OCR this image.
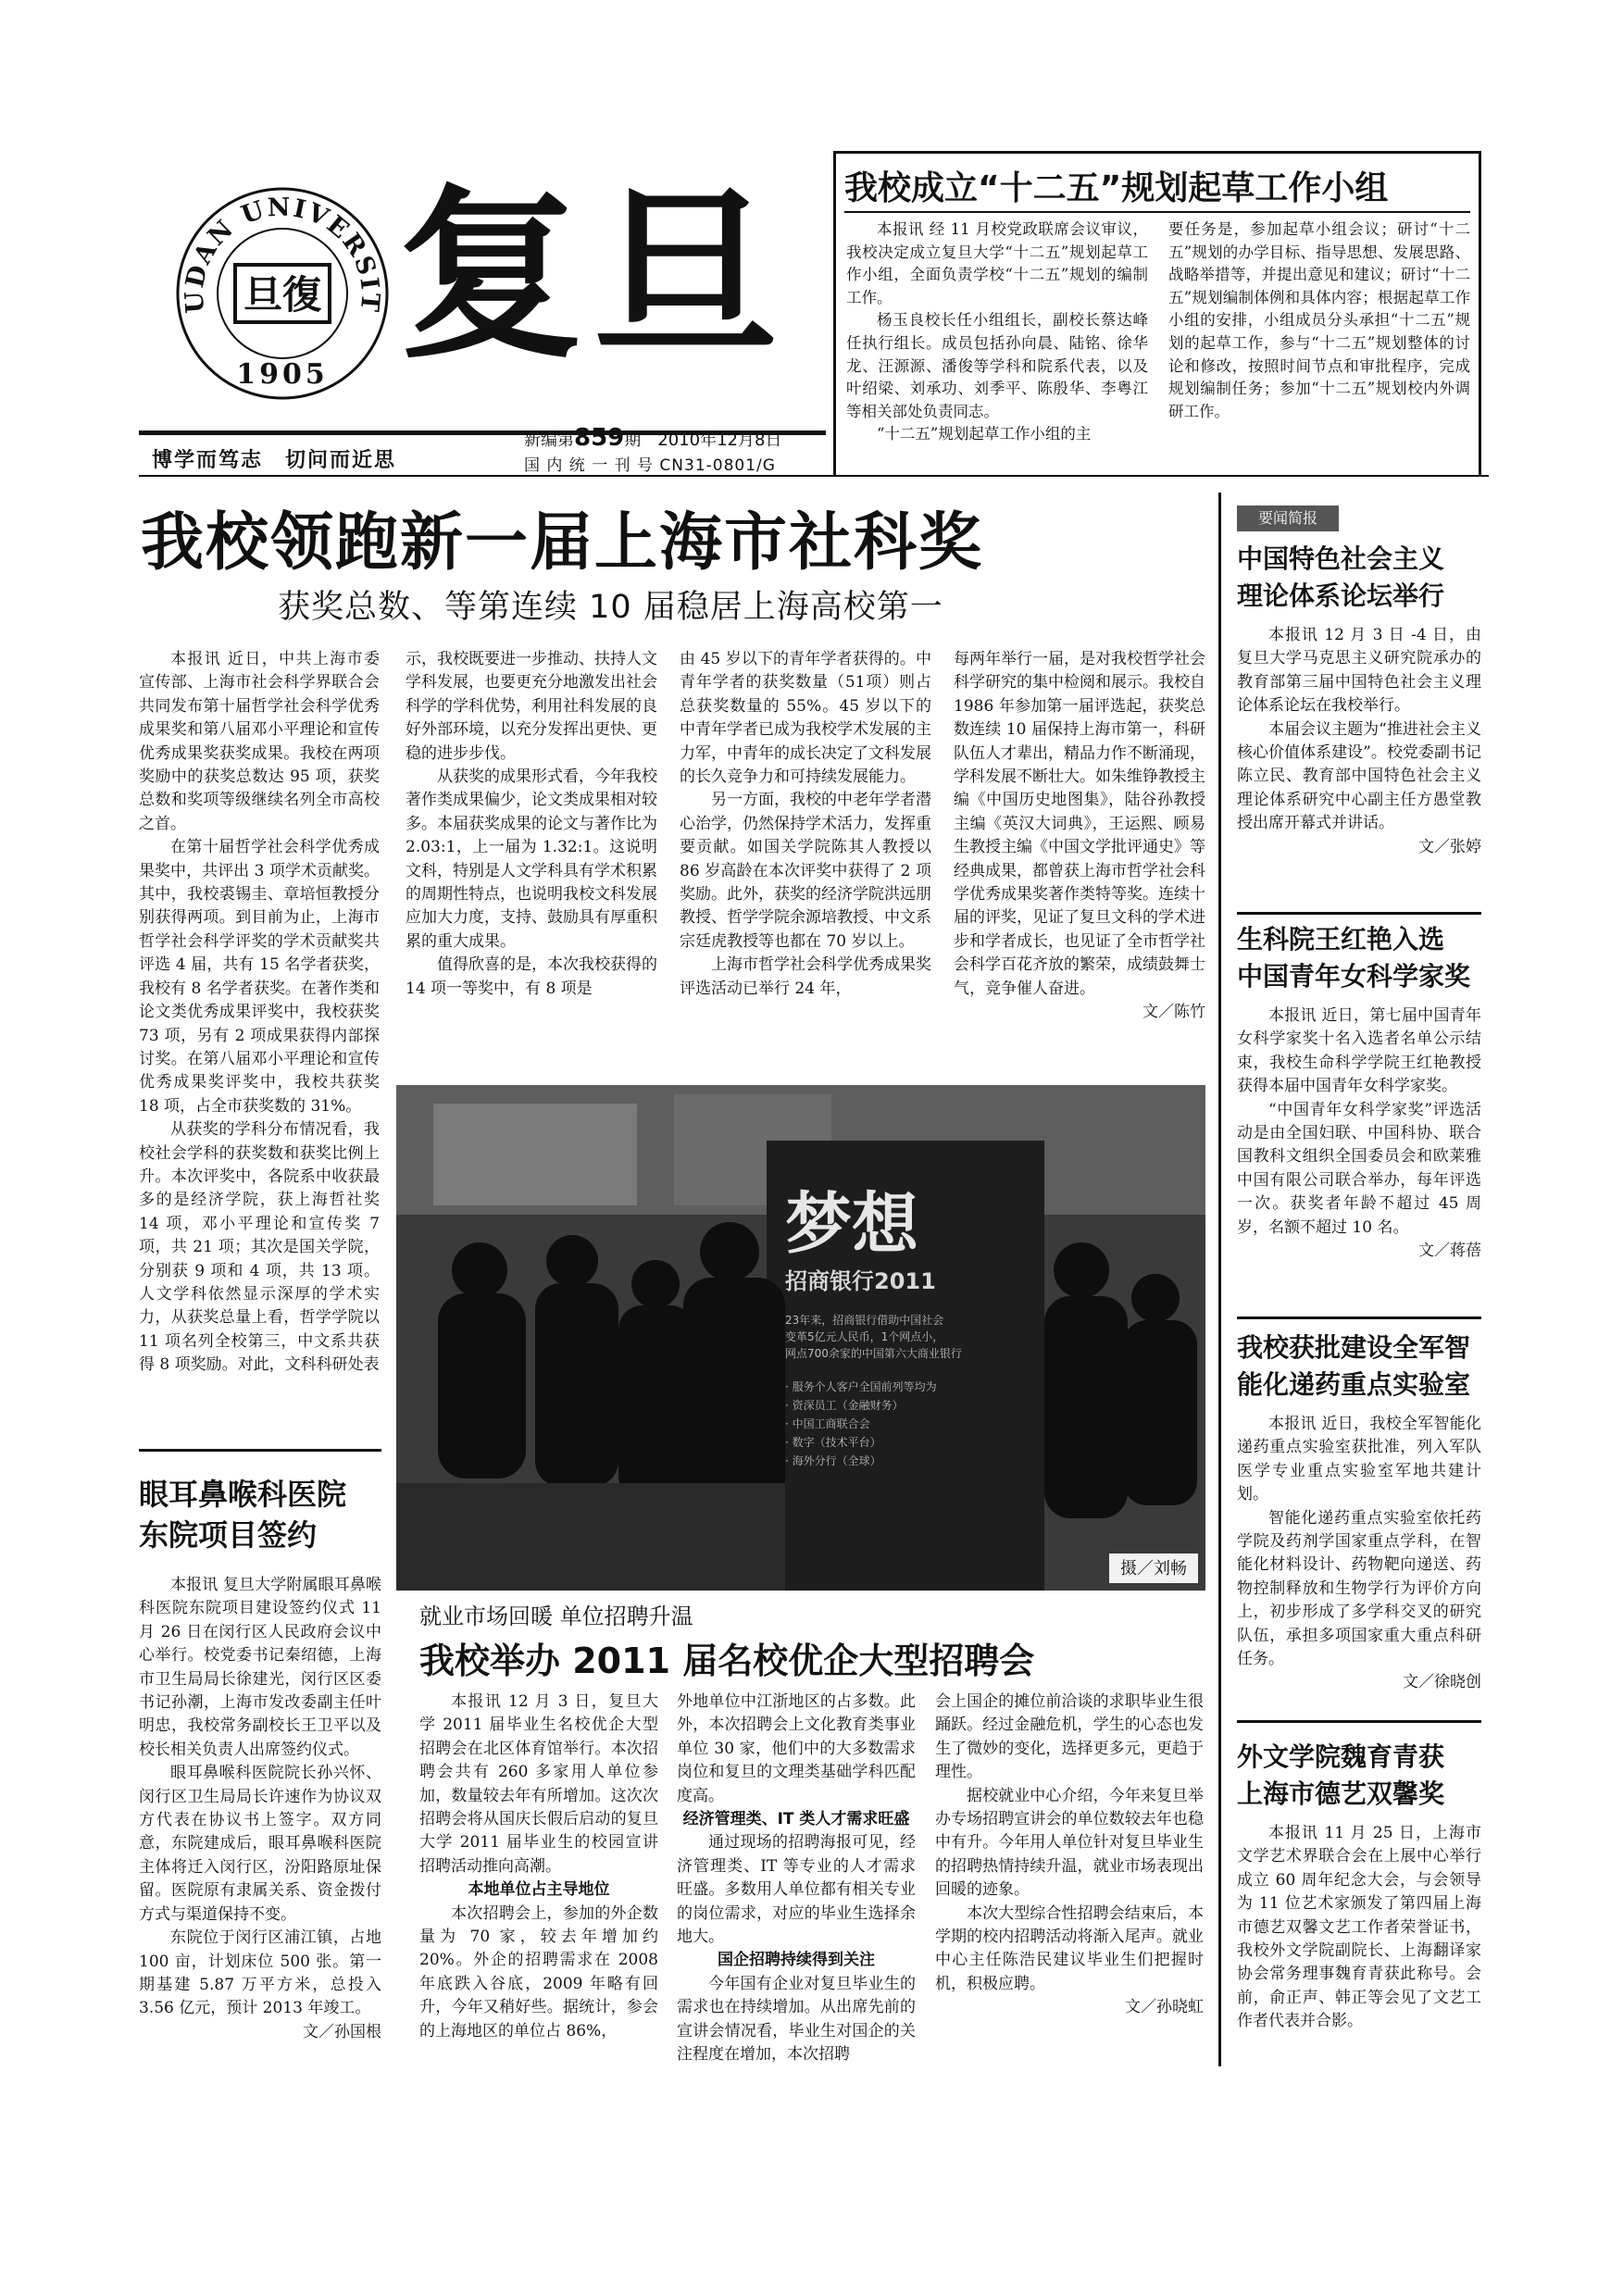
UDAN UNIVERSIT
旦復
1905 复旦
博学而笃志　切问而近思
新编第859期　2010年12月8日
国 内 统 一 刊 号 CN31-0801/G
我校成立“十二五”规划起草工作小组

本报讯 经 11 月校党政联席会议审议，我校决定成立复旦大学“十二五”规划起草工作小组，全面负责学校“十二五”规划的编制工作。

杨玉良校长任小组组长，副校长蔡达峰任执行组长。成员包括孙向晨、陆铭、徐华龙、汪源源、潘俊等学科和院系代表，以及叶绍梁、刘承功、刘季平、陈殷华、李粤江等相关部处负责同志。

“十二五”规划起草工作小组的主

要任务是，参加起草小组会议；研讨“十二五”规划的办学目标、指导思想、发展思路、战略举措等，并提出意见和建议；研讨“十二五”规划编制体例和具体内容；根据起草工作小组的安排，小组成员分头承担“十二五”规划的起草工作，参与“十二五”规划整体的讨论和修改，按照时间节点和审批程序，完成规划编制任务；参加“十二五”规划校内外调研工作。

我校领跑新一届上海市社科奖
获奖总数、等第连续 10 届稳居上海高校第一

本报讯 近日，中共上海市委宣传部、上海市社会科学界联合会共同发布第十届哲学社会科学优秀成果奖和第八届邓小平理论和宣传优秀成果奖获奖成果。我校在两项奖励中的获奖总数达 95 项，获奖总数和奖项等级继续名列全市高校之首。

在第十届哲学社会科学优秀成果奖中，共评出 3 项学术贡献奖。其中，我校裘锡圭、章培恒教授分别获得两项。到目前为止，上海市哲学社会科学评奖的学术贡献奖共评选 4 届，共有 15 名学者获奖，我校有 8 名学者获奖。在著作类和论文类优秀成果评奖中，我校获奖 73 项，另有 2 项成果获得内部探讨奖。在第八届邓小平理论和宣传优秀成果奖评奖中，我校共获奖 18 项，占全市获奖数的 31%。

从获奖的学科分布情况看，我校社会学科的获奖数和获奖比例上升。本次评奖中，各院系中收获最多的是经济学院，获上海哲社奖 14 项，邓小平理论和宣传奖 7 项，共 21 项；其次是国关学院，分别获 9 项和 4 项，共 13 项。人文学科依然显示深厚的学术实力，从获奖总量上看，哲学学院以 11 项名列全校第三，中文系共获得 8 项奖励。对此，文科科研处表

示，我校既要进一步推动、扶持人文学科发展，也要更充分地激发出社会科学的学科优势，利用社科发展的良好外部环境，以充分发挥出更快、更稳的进步步伐。

从获奖的成果形式看，今年我校著作类成果偏少，论文类成果相对较多。本届获奖成果的论文与著作比为 2.03:1，上一届为 1.32:1。这说明文科，特别是人文学科具有学术积累的周期性特点，也说明我校文科发展应加大力度，支持、鼓励具有厚重积累的重大成果。

值得欣喜的是，本次我校获得的 14 项一等奖中，有 8 项是

由 45 岁以下的青年学者获得的。中青年学者的获奖数量（51项）则占总获奖数量的 55%。45 岁以下的中青年学者已成为我校学术发展的主力军，中青年的成长决定了文科发展的长久竞争力和可持续发展能力。

另一方面，我校的中老年学者潜心治学，仍然保持学术活力，发挥重要贡献。如国关学院陈其人教授以 86 岁高龄在本次评奖中获得了 2 项奖励。此外，获奖的经济学院洪远朋教授、哲学学院余源培教授、中文系宗廷虎教授等也都在 70 岁以上。

上海市哲学社会科学优秀成果奖评选活动已举行 24 年，

每两年举行一届，是对我校哲学社会科学研究的集中检阅和展示。我校自 1986 年参加第一届评选起，获奖总数连续 10 届保持上海市第一，科研队伍人才辈出，精品力作不断涌现，学科发展不断壮大。如朱维铮教授主编《中国历史地图集》，陆谷孙教授主编《英汉大词典》，王运熙、顾易生教授主编《中国文学批评通史》等经典成果，都曾获上海市哲学社会科学优秀成果奖著作类特等奖。连续十届的评奖，见证了复旦文科的学术进步和学者成长，也见证了全市哲学社会科学百花齐放的繁荣，成绩鼓舞士气，竞争催人奋进。

文／陈竹

梦想
招商银行2011
23年来，招商银行借助中国社会
变革5亿元人民币，1个网点小，
网点700余家的中国第六大商业银行
· 服务个人客户全国前列等均为
· 资深员工（金融财务）
· 中国工商联合会
· 数字（技术平台）
· 海外分行（全球）
摄／刘畅
就业市场回暖 单位招聘升温
我校举办 2011 届名校优企大型招聘会

本报讯 12 月 3 日，复旦大学 2011 届毕业生名校优企大型招聘会在北区体育馆举行。本次招聘会共有 260 多家用人单位参加，数量较去年有所增加。这次次招聘会将从国庆长假后启动的复旦大学 2011 届毕业生的校园宣讲招聘活动推向高潮。

本地单位占主导地位

本次招聘会上，参加的外企数量为 70 家，较去年增加约 20%。外企的招聘需求在 2008 年底跌入谷底，2009 年略有回升，今年又稍好些。据统计，参会的上海地区的单位占 86%，

外地单位中江浙地区的占多数。此外，本次招聘会上文化教育类事业单位 30 家，他们中的大多数需求岗位和复旦的文理类基础学科匹配度高。

经济管理类、IT 类人才需求旺盛

通过现场的招聘海报可见，经济管理类、IT 等专业的人才需求旺盛。多数用人单位都有相关专业的岗位需求，对应的毕业生选择余地大。

国企招聘持续得到关注

今年国有企业对复旦毕业生的需求也在持续增加。从出席先前的宣讲会情况看，毕业生对国企的关注程度在增加，本次招聘

会上国企的摊位前洽谈的求职毕业生很踊跃。经过金融危机，学生的心态也发生了微妙的变化，选择更多元，更趋于理性。

据校就业中心介绍，今年来复旦举办专场招聘宣讲会的单位数较去年也稳中有升。今年用人单位针对复旦毕业生的招聘热情持续升温，就业市场表现出回暖的迹象。

本次大型综合性招聘会结束后，本学期的校内招聘活动将渐入尾声。就业中心主任陈浩民建议毕业生们把握时机，积极应聘。

文／孙晓虹

眼耳鼻喉科医院
东院项目签约

本报讯 复旦大学附属眼耳鼻喉科医院东院项目建设签约仪式 11 月 26 日在闵行区人民政府会议中心举行。校党委书记秦绍德，上海市卫生局局长徐建光，闵行区区委书记孙潮，上海市发改委副主任叶明忠，我校常务副校长王卫平以及校长相关负责人出席签约仪式。

眼耳鼻喉科医院院长孙兴怀、闵行区卫生局局长许速作为协议双方代表在协议书上签字。双方同意，东院建成后，眼耳鼻喉科医院主体将迁入闵行区，汾阳路原址保留。医院原有隶属关系、资金拨付方式与渠道保持不变。

东院位于闵行区浦江镇，占地 100 亩，计划床位 500 张。第一期基建 5.87 万平方米，总投入 3.56 亿元，预计 2013 年竣工。

文／孙国根

要闻简报
中国特色社会主义
理论体系论坛举行

本报讯 12 月 3 日 -4 日，由复旦大学马克思主义研究院承办的教育部第三届中国特色社会主义理论体系论坛在我校举行。

本届会议主题为“推进社会主义核心价值体系建设”。校党委副书记陈立民、教育部中国特色社会主义理论体系研究中心副主任方愚堂教授出席开幕式并讲话。

文／张婷

生科院王红艳入选
中国青年女科学家奖

本报讯 近日，第七届中国青年女科学家奖十名入选者名单公示结束，我校生命科学学院王红艳教授获得本届中国青年女科学家奖。

“中国青年女科学家奖”评选活动是由全国妇联、中国科协、联合国教科文组织全国委员会和欧莱雅中国有限公司联合举办，每年评选一次。获奖者年龄不超过 45 周岁，名额不超过 10 名。

文／蒋蓓

我校获批建设全军智
能化递药重点实验室

本报讯 近日，我校全军智能化递药重点实验室获批准，列入军队医学专业重点实验室军地共建计划。

智能化递药重点实验室依托药学院及药剂学国家重点学科，在智能化材料设计、药物靶向递送、药物控制释放和生物学行为评价方向上，初步形成了多学科交叉的研究队伍，承担多项国家重大重点科研任务。

文／徐晓创

外文学院魏育青获
上海市德艺双馨奖

本报讯 11 月 25 日，上海市文学艺术界联合会在上展中心举行成立 60 周年纪念大会，与会领导为 11 位艺术家颁发了第四届上海市德艺双馨文艺工作者荣誉证书，我校外文学院副院长、上海翻译家协会常务理事魏育青获此称号。会前，俞正声、韩正等会见了文艺工作者代表并合影。
